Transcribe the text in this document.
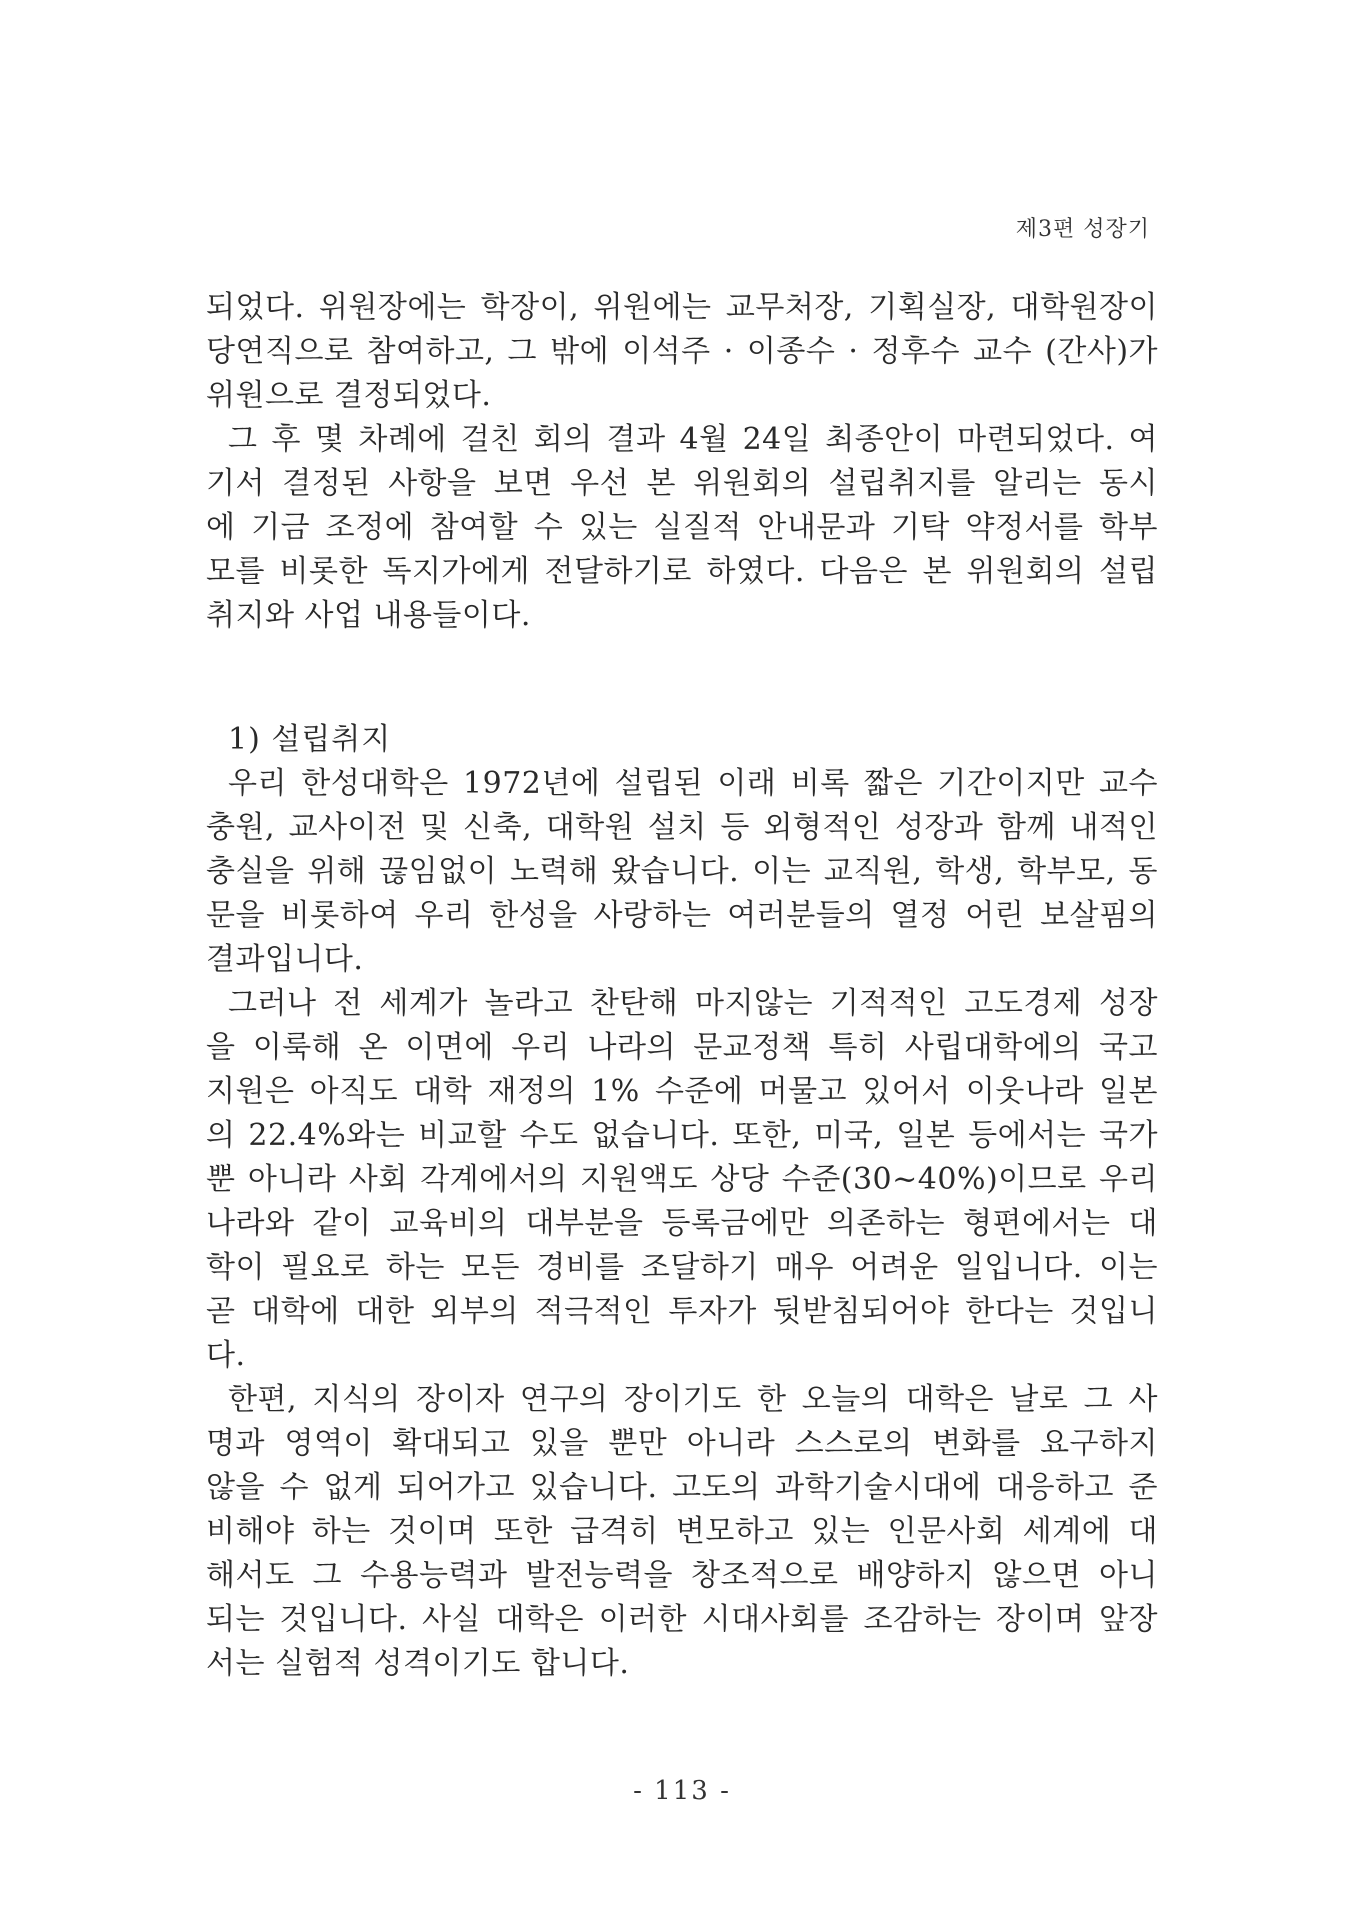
제3편 성장기
되었다. 위원장에는 학장이, 위원에는 교무처장, 기획실장, 대학원장이
당연직으로 참여하고, 그 밖에 이석주 · 이종수 · 정후수 교수 (간사)가
위원으로 결정되었다.
그 후 몇 차례에 걸친 회의 결과 4월 24일 최종안이 마련되었다. 여
기서 결정된 사항을 보면 우선 본 위원회의 설립취지를 알리는 동시
에 기금 조정에 참여할 수 있는 실질적 안내문과 기탁 약정서를 학부
모를 비롯한 독지가에게 전달하기로 하였다. 다음은 본 위원회의 설립
취지와 사업 내용들이다.
1) 설립취지
우리 한성대학은 1972년에 설립된 이래 비록 짧은 기간이지만 교수
충원, 교사이전 및 신축, 대학원 설치 등 외형적인 성장과 함께 내적인
충실을 위해 끊임없이 노력해 왔습니다. 이는 교직원, 학생, 학부모, 동
문을 비롯하여 우리 한성을 사랑하는 여러분들의 열정 어린 보살핌의
결과입니다.
그러나 전 세계가 놀라고 찬탄해 마지않는 기적적인 고도경제 성장
을 이룩해 온 이면에 우리 나라의 문교정책 특히 사립대학에의 국고
지원은 아직도 대학 재정의 1% 수준에 머물고 있어서 이웃나라 일본
의 22.4%와는 비교할 수도 없습니다. 또한, 미국, 일본 등에서는 국가
뿐 아니라 사회 각계에서의 지원액도 상당 수준(30~40%)이므로 우리
나라와 같이 교육비의 대부분을 등록금에만 의존하는 형편에서는 대
학이 필요로 하는 모든 경비를 조달하기 매우 어려운 일입니다. 이는
곧 대학에 대한 외부의 적극적인 투자가 뒷받침되어야 한다는 것입니
다.
한편, 지식의 장이자 연구의 장이기도 한 오늘의 대학은 날로 그 사
명과 영역이 확대되고 있을 뿐만 아니라 스스로의 변화를 요구하지
않을 수 없게 되어가고 있습니다. 고도의 과학기술시대에 대응하고 준
비해야 하는 것이며 또한 급격히 변모하고 있는 인문사회 세계에 대
해서도 그 수용능력과 발전능력을 창조적으로 배양하지 않으면 아니
되는 것입니다. 사실 대학은 이러한 시대사회를 조감하는 장이며 앞장
서는 실험적 성격이기도 합니다.
- 113 -
